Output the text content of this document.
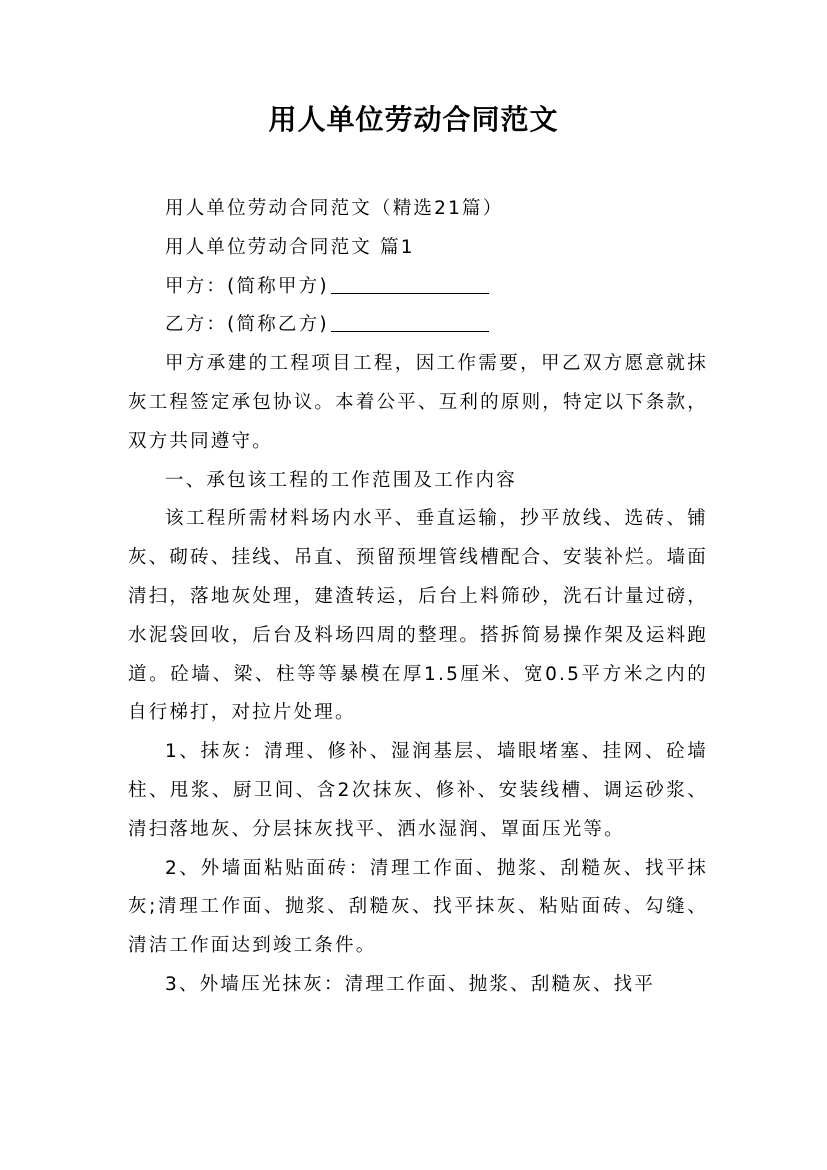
用人单位劳动合同范文

用人单位劳动合同范文（精选21篇）

用人单位劳动合同范文 篇1

甲方：(简称甲方)

乙方：(简称乙方)

甲方承建的工程项目工程，因工作需要，甲乙双方愿意就抹灰工程签定承包协议。本着公平、互利的原则，特定以下条款，双方共同遵守。

一、承包该工程的工作范围及工作内容

该工程所需材料场内水平、垂直运输，抄平放线、选砖、铺灰、砌砖、挂线、吊直、预留预埋管线槽配合、安装补烂。墙面清扫，落地灰处理，建渣转运，后台上料筛砂，洗石计量过磅，水泥袋回收，后台及料场四周的整理。搭拆简易操作架及运料跑道。砼墙、梁、柱等等暴模在厚1.5厘米、宽0.5平方米之内的自行梯打，对拉片处理。

1、抹灰：清理、修补、湿润基层、墙眼堵塞、挂网、砼墙柱、甩浆、厨卫间、含2次抹灰、修补、安装线槽、调运砂浆、清扫落地灰、分层抹灰找平、洒水湿润、罩面压光等。

2、外墙面粘贴面砖：清理工作面、抛浆、刮糙灰、找平抹灰;清理工作面、抛浆、刮糙灰、找平抹灰、粘贴面砖、勾缝、清洁工作面达到竣工条件。

3、外墙压光抹灰：清理工作面、抛浆、刮糙灰、找平
